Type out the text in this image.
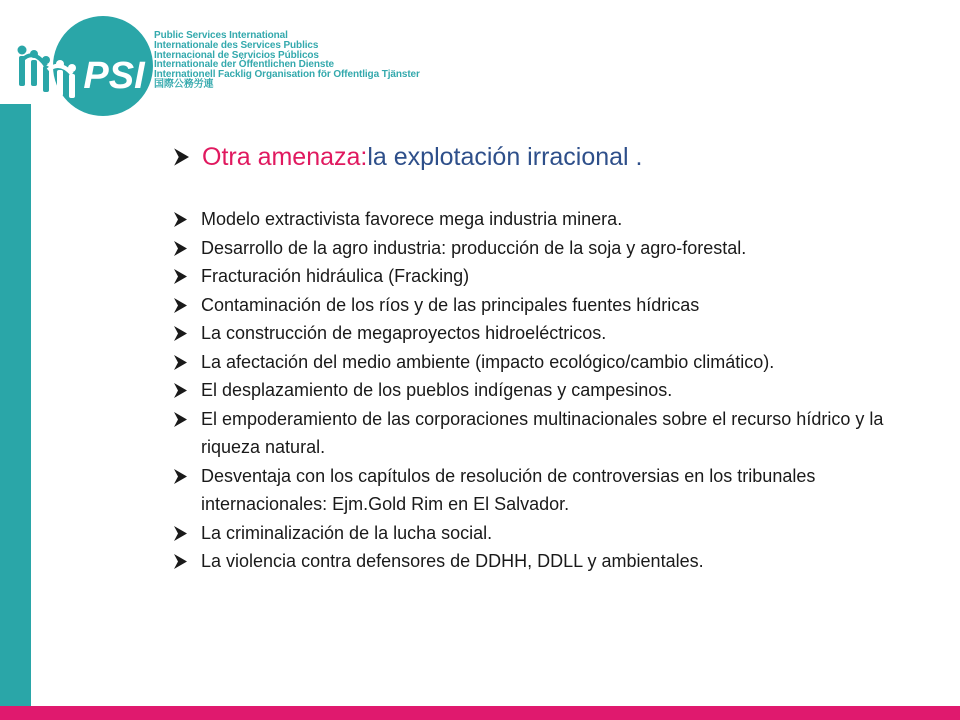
PSI
Public Services International
Internationale des Services Publics
Internacional de Servicios Públicos
Internationale der Öffentlichen Dienste
Internationell Facklig Organisation för Offentliga Tjänster
国際公務労連
Otra amenaza: la explotación irracional .
Modelo extractivista favorece mega industria minera.
Desarrollo de la agro industria: producción de la soja y agro-forestal.
Fracturación hidráulica (Fracking)
Contaminación de los ríos y de las principales fuentes hídricas
La construcción de megaproyectos hidroeléctricos.
La afectación del medio ambiente (impacto ecológico/cambio climático).
El desplazamiento de los pueblos indígenas y campesinos.
El empoderamiento de las corporaciones multinacionales sobre el recurso hídrico y la riqueza natural.
Desventaja con los capítulos de resolución de controversias en los tribunales internacionales: Ejm.Gold Rim en El Salvador.
La criminalización de la lucha social.
La violencia contra defensores de DDHH, DDLL y ambientales.
